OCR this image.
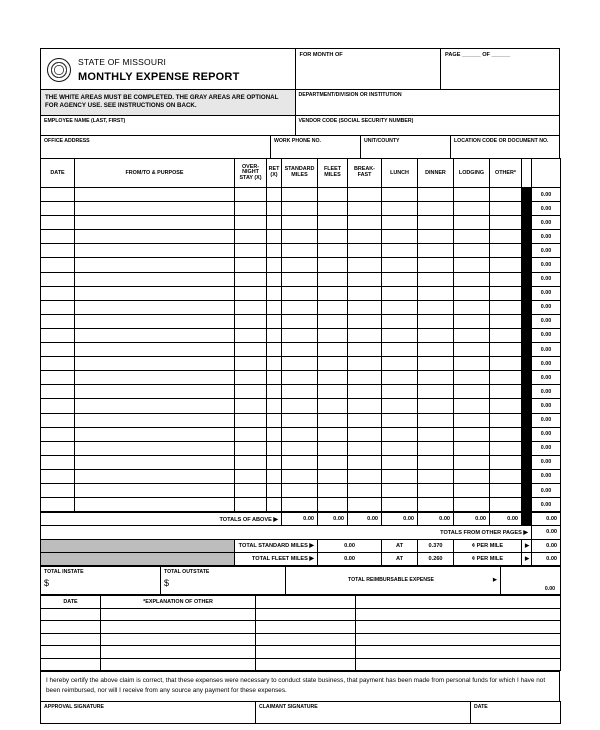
STATE OF MISSOURI
MONTHLY EXPENSE REPORT
THE WHITE AREAS MUST BE COMPLETED. THE GRAY AREAS ARE OPTIONAL FOR AGENCY USE. SEE INSTRUCTIONS ON BACK.
EMPLOYEE NAME (LAST, FIRST)
FOR MONTH OF	PAGE ______ OF ______
DEPARTMENT/DIVISION OR INSTITUTION
VENDOR CODE (SOCIAL SECURITY NUMBER)
OFFICE ADDRESS	WORK PHONE NO.	UNIT/COUNTY	LOCATION CODE OR DOCUMENT NO.
DATE	FROM/TO & PURPOSE	OVER-NIGHT STAY (X)	RET (X)	STANDARD MILES	FLEET MILES	BREAK-FAST	LUNCH	DINNER	LODGING	OTHER*		
												0.00
												0.00
												0.00
												0.00
												0.00
												0.00
												0.00
												0.00
												0.00
												0.00
												0.00
												0.00
												0.00
												0.00
												0.00
												0.00
												0.00
												0.00
												0.00
												0.00
												0.00
												0.00
												0.00
TOTALS OF ABOVE ▶		0.00	0.00	0.00	0.00	0.00	0.00	0.00		0.00
TOTALS FROM OTHER PAGES ▶										0.00
	TOTAL STANDARD MILES ▶		0.00		AT	0.370	¢ PER MILE		▶	0.00
	TOTAL FLEET MILES ▶		0.00		AT	0.260	¢ PER MILE		▶	0.00
TOTAL INSTATE
$

TOTAL OUTSTATE
$	TOTAL REIMBURSABLE EXPENSE	▶
	0.00
DATE	*EXPLANATION OF OTHER		

I hereby certify the above claim is correct, that these expenses were necessary to conduct state business, that payment has been made from personal funds for which I have not been reimbursed, nor will I receive from any source any payment for these expenses.
APPROVAL SIGNATURE	CLAIMANT SIGNATURE	DATE
